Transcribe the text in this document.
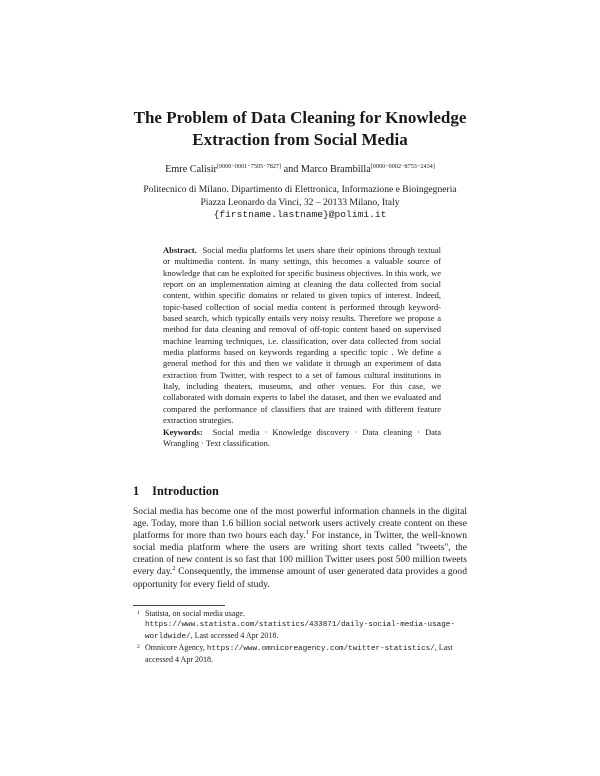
The Problem of Data Cleaning for Knowledge
Extraction from Social Media
Emre Calisir[0000−0001−7505−7827] and Marco Brambilla[0000−0002−8753−2434]
Politecnico di Milano. Dipartimento di Elettronica, Informazione e Bioingegneria
Piazza Leonardo da Vinci, 32 – 20133 Milano, Italy
{firstname.lastname}@polimi.it

Abstract. Social media platforms let users share their opinions through textual or multimedia content. In many settings, this becomes a valuable source of knowledge that can be exploited for specific business objectives. In this work, we report on an implementation aiming at cleaning the data collected from social content, within specific domains or related to given topics of interest. Indeed, topic-based collection of social media content is performed through keyword-based search, which typically entails very noisy results. Therefore we propose a method for data cleaning and removal of off-topic content based on supervised machine learning techniques, i.e. classification, over data collected from social media platforms based on keywords regarding a specific topic . We define a general method for this and then we validate it through an experiment of data extraction from Twitter, with respect to a set of famous cultural institutions in Italy, including theaters, museums, and other venues. For this case, we collaborated with domain experts to label the dataset, and then we evaluated and compared the performance of classifiers that are trained with different feature extraction strategies.

Keywords: Social media · Knowledge discovery · Data cleaning · Data Wrangling · Text classification.

1 Introduction

Social media has become one of the most powerful information channels in the digital age. Today, more than 1.6 billion social network users actively create content on these platforms for more than two hours each day.$^1$ For instance, in Twitter, the well-known social media platform where the users are writing short texts called "tweets", the creation of new content is so fast that 100 million Twitter users post 500 million tweets every day.$^2$ Consequently, the immense amount of user generated data provides a good opportunity for every field of study.

1 Statista, on social media usage. https://www.statista.com/statistics/433871/daily-social-media-usage-worldwide/, Last accessed 4 Apr 2018.
2 Omnicore Agency, https://www.omnicoreagency.com/twitter-statistics/, Last accessed 4 Apr 2018.
